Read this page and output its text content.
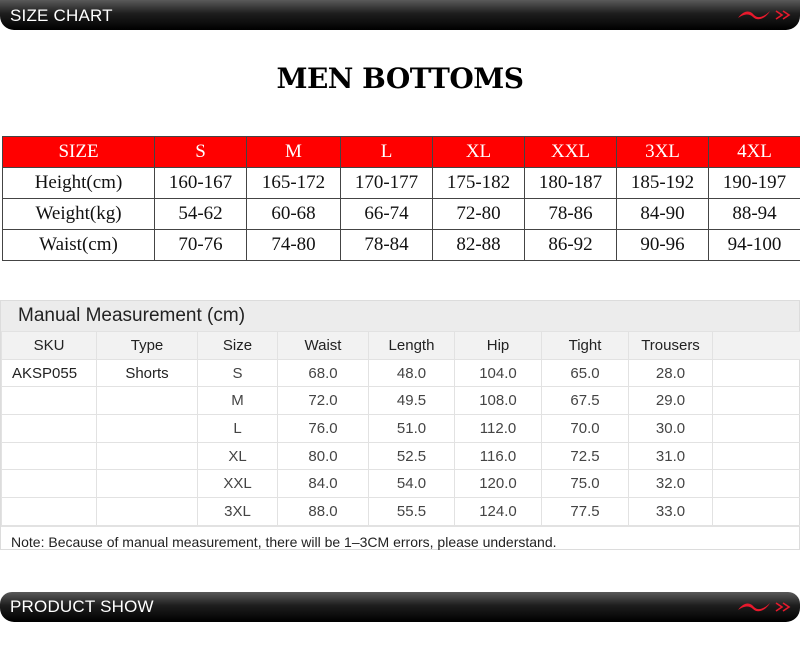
SIZE CHART
MEN BOTTOMS
SIZE	S	M	L	XL	XXL	3XL	4XL
Height(cm)	160-167	165-172	170-177	175-182	180-187	185-192	190-197
Weight(kg)	54-62	60-68	66-74	72-80	78-86	84-90	88-94
Waist(cm)	70-76	74-80	78-84	82-88	86-92	90-96	94-100
Manual Measurement (cm)
SKU	Type	Size	Waist	Length	Hip	Tight	Trousers	
AKSP055	Shorts	S	68.0	48.0	104.0	65.0	28.0	
		M	72.0	49.5	108.0	67.5	29.0	
		L	76.0	51.0	112.0	70.0	30.0	
		XL	80.0	52.5	116.0	72.5	31.0	
		XXL	84.0	54.0	120.0	75.0	32.0	
		3XL	88.0	55.5	124.0	77.5	33.0	
Note: Because of manual measurement, there will be 1–3CM errors, please understand.
PRODUCT SHOW
